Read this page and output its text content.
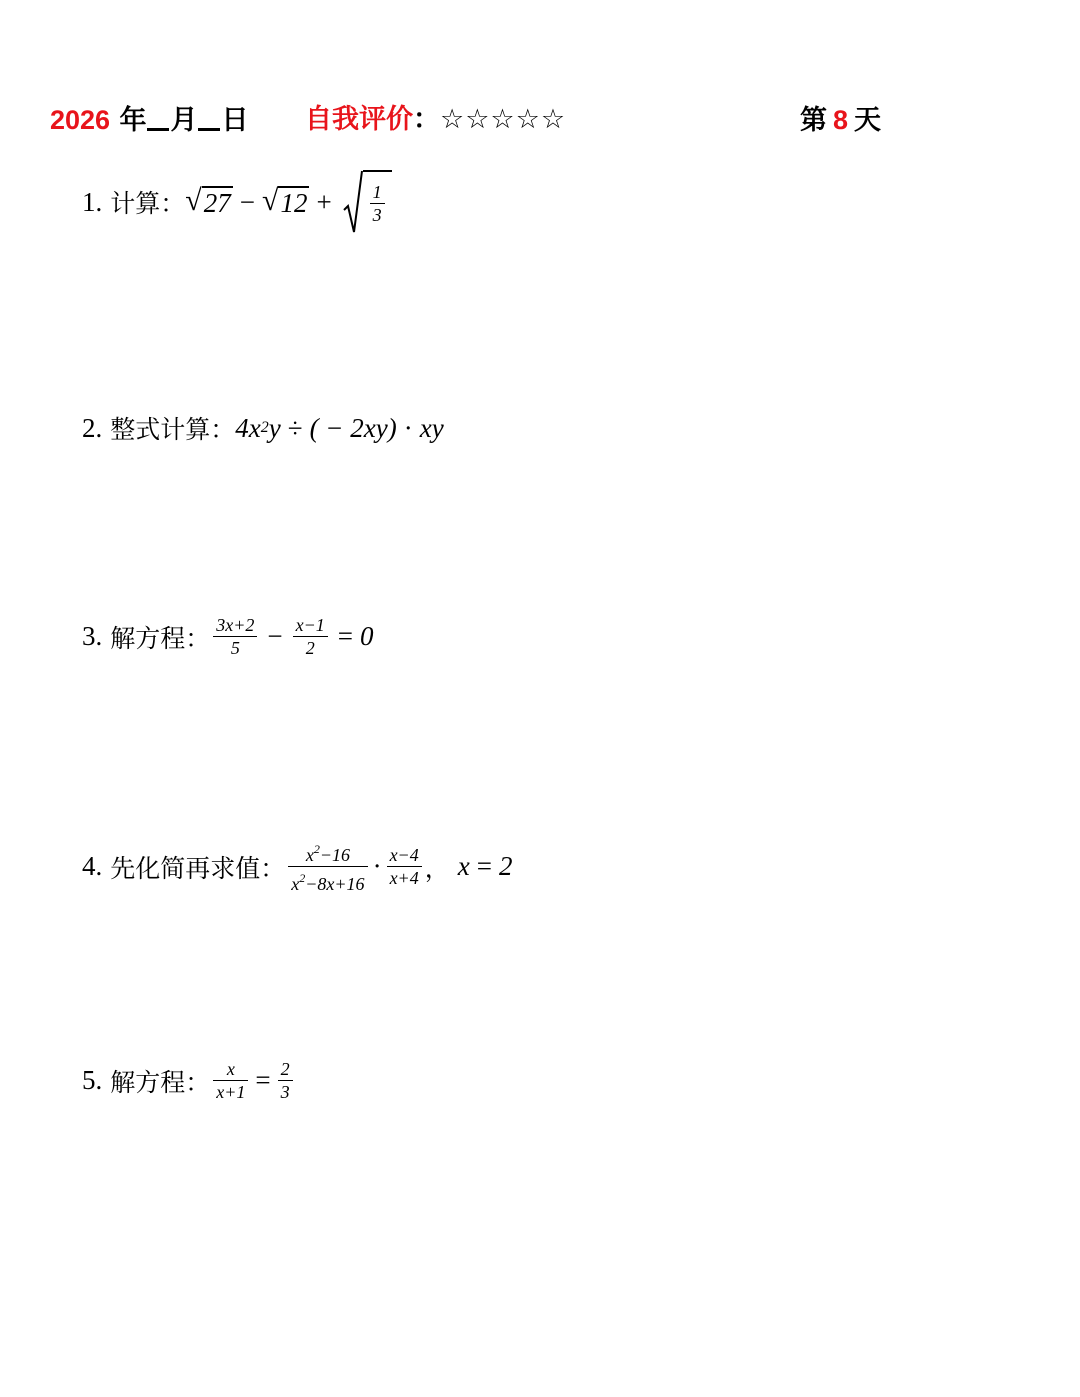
2026 年 月 日 自我评价：☆☆☆☆☆	第 8 天
1. 计算： √ 27 − √ 12 +	$\frac{1}{3}$
2. 整式计算： 4x 2 y ÷ ( − 2xy) · xy
3. 解方程： $\frac{3x+2}{5} - \frac{x-1}{2} = 0$
4. 先化简再求值： $\frac{x^2-16}{x^2-8x+16} \cdot \frac{x-4}{x+4}$ ， x = 2
5. 解方程： $\frac{x}{x+1} = \frac{2}{3}$
